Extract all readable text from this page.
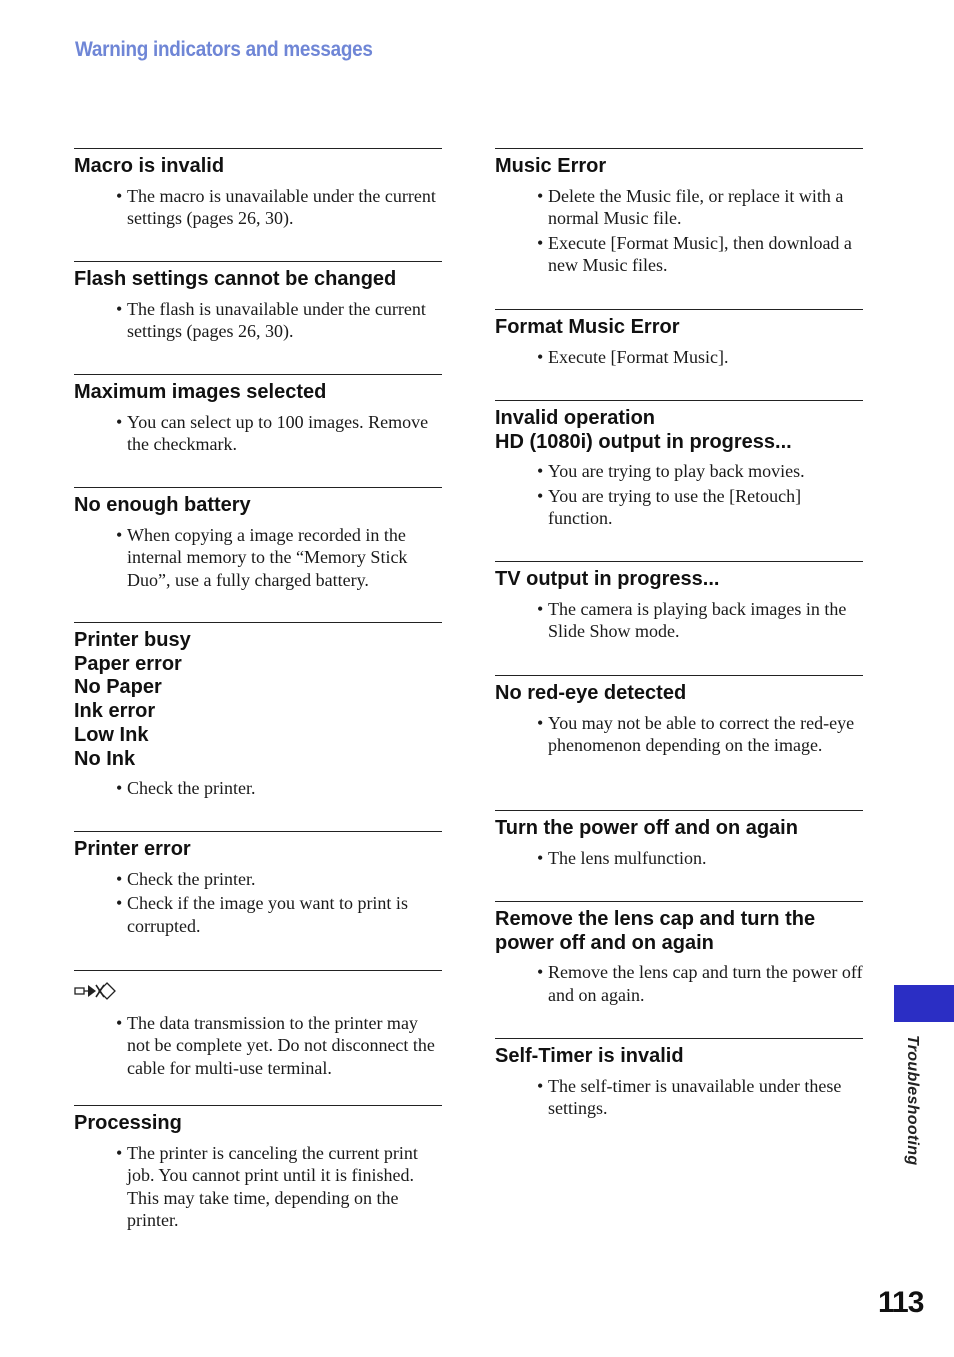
Warning indicators and messages
Macro is invalid
• The macro is unavailable under the current settings (pages 26, 30).
Flash settings cannot be changed
• The flash is unavailable under the current settings (pages 26, 30).
Maximum images selected
• You can select up to 100 images. Remove the checkmark.
No enough battery
• When copying a image recorded in the internal memory to the “Memory Stick Duo”, use a fully charged battery.
Printer busy
Paper error
No Paper
Ink error
Low Ink
No Ink
• Check the printer.
Printer error
• Check the printer.
• Check if the image you want to print is corrupted.
• The data transmission to the printer may not be complete yet. Do not disconnect the cable for multi-use terminal.
Processing
• The printer is canceling the current print job. You cannot print until it is finished. This may take time, depending on the printer.
Music Error
• Delete the Music file, or replace it with a normal Music file.
• Execute [Format Music], then download a new Music files.
Format Music Error
• Execute [Format Music].
Invalid operation
HD (1080i) output in progress...
• You are trying to play back movies.
• You are trying to use the [Retouch] function.
TV output in progress...
• The camera is playing back images in the Slide Show mode.
No red-eye detected
• You may not be able to correct the red-eye phenomenon depending on the image.
Turn the power off and on again
• The lens mulfunction.
Remove the lens cap and turn the
power off and on again
• Remove the lens cap and turn the power off and on again.
Self-Timer is invalid
• The self-timer is unavailable under these settings.	Troubleshooting
113
